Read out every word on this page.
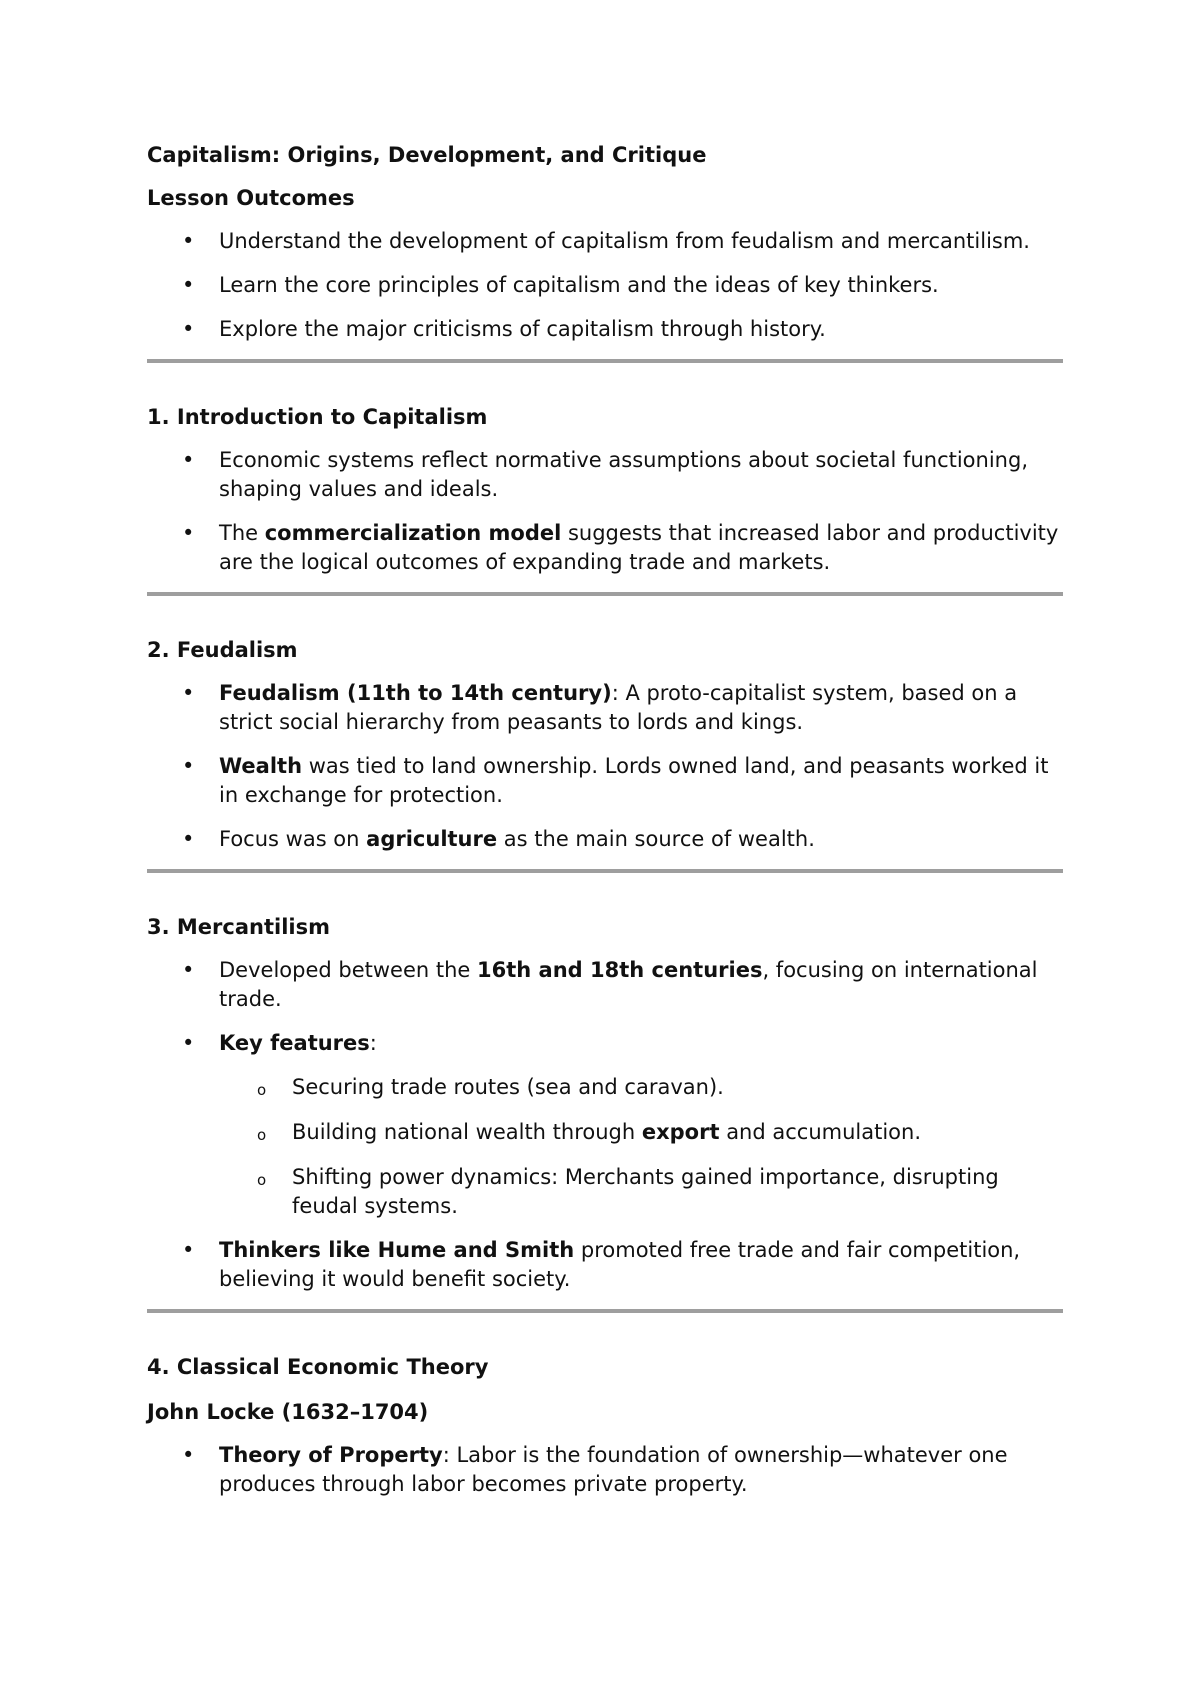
Capitalism: Origins, Development, and Critique
Lesson Outcomes
• Understand the development of capitalism from feudalism and mercantilism.
• Learn the core principles of capitalism and the ideas of key thinkers.
• Explore the major criticisms of capitalism through history.
1. Introduction to Capitalism
• Economic systems reflect normative assumptions about societal functioning, shaping values and ideals.
• The commercialization model suggests that increased labor and productivity are the logical outcomes of expanding trade and markets.
2. Feudalism
• Feudalism (11th to 14th century): A proto-capitalist system, based on a strict social hierarchy from peasants to lords and kings.
• Wealth was tied to land ownership. Lords owned land, and peasants worked it in exchange for protection.
• Focus was on agriculture as the main source of wealth.
3. Mercantilism
• Developed between the 16th and 18th centuries, focusing on international trade.
• Key features:
o Securing trade routes (sea and caravan).
o Building national wealth through export and accumulation.
o Shifting power dynamics: Merchants gained importance, disrupting feudal systems.
• Thinkers like Hume and Smith promoted free trade and fair competition, believing it would benefit society.
4. Classical Economic Theory
John Locke (1632–1704)
• Theory of Property: Labor is the foundation of ownership—whatever one produces through labor becomes private property.
